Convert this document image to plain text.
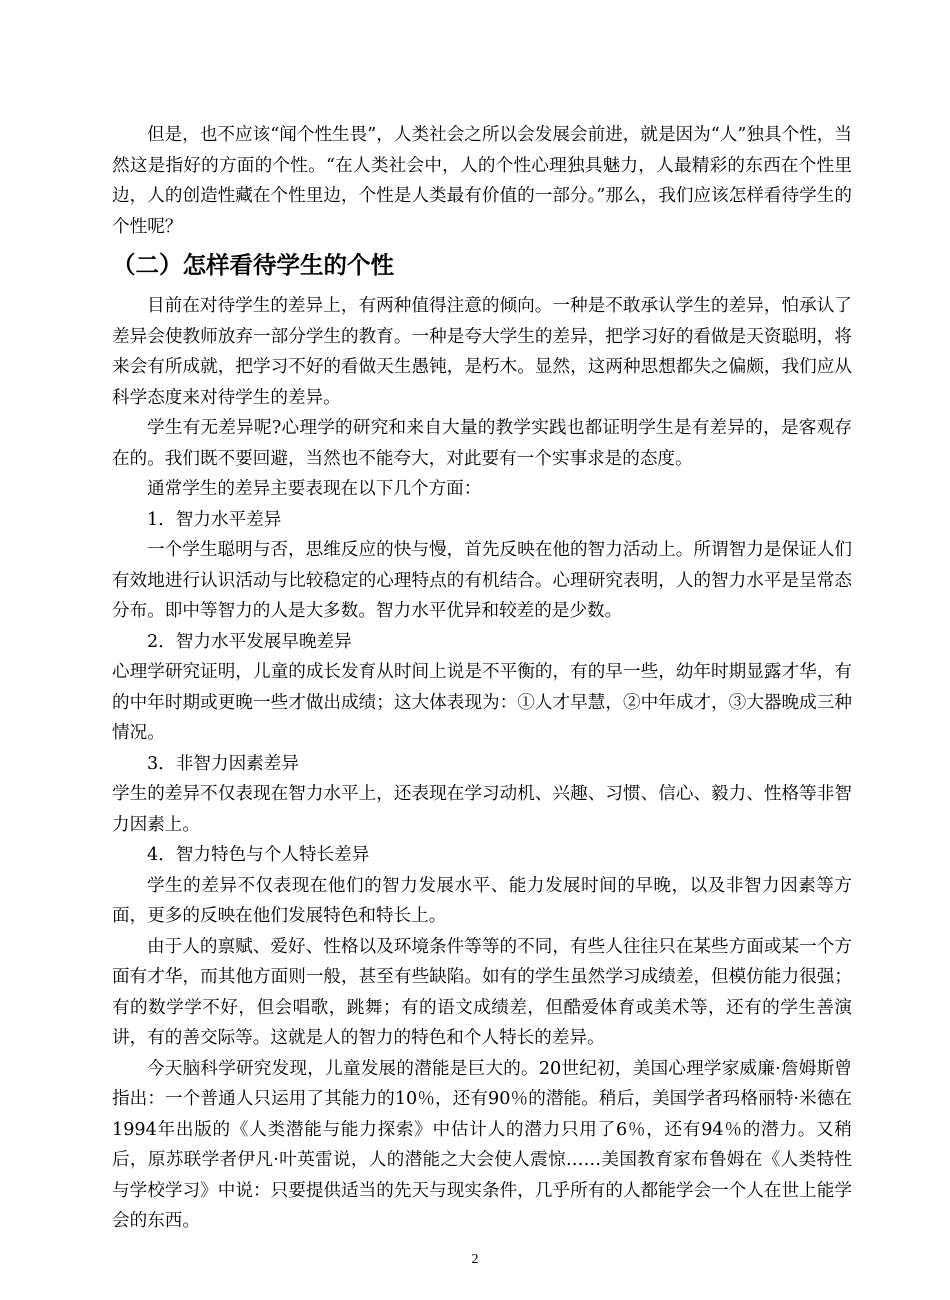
但是，也不应该“闻个性生畏”，人类社会之所以会发展会前进，就是因为“人”独具个性，当然这是指好的方面的个性。“在人类社会中，人的个性心理独具魅力，人最精彩的东西在个性里边，人的创造性藏在个性里边，个性是人类最有价值的一部分。”那么，我们应该怎样看待学生的个性呢？

（二）怎样看待学生的个性

目前在对待学生的差异上，有两种值得注意的倾向。一种是不敢承认学生的差异，怕承认了差异会使教师放弃一部分学生的教育。一种是夸大学生的差异，把学习好的看做是天资聪明，将来会有所成就，把学习不好的看做天生愚钝，是朽木。显然，这两种思想都失之偏颇，我们应从科学态度来对待学生的差异。

学生有无差异呢?心理学的研究和来自大量的教学实践也都证明学生是有差异的，是客观存在的。我们既不要回避，当然也不能夸大，对此要有一个实事求是的态度。

通常学生的差异主要表现在以下几个方面：

1．智力水平差异

一个学生聪明与否，思维反应的快与慢，首先反映在他的智力活动上。所谓智力是保证人们有效地进行认识活动与比较稳定的心理特点的有机结合。心理研究表明，人的智力水平是呈常态分布。即中等智力的人是大多数。智力水平优异和较差的是少数。

2．智力水平发展早晚差异

心理学研究证明，儿童的成长发育从时间上说是不平衡的，有的早一些，幼年时期显露才华，有的中年时期或更晚一些才做出成绩；这大体表现为：①人才早慧，②中年成才，③大器晚成三种情况。

3．非智力因素差异

学生的差异不仅表现在智力水平上，还表现在学习动机、兴趣、习惯、信心、毅力、性格等非智力因素上。

4．智力特色与个人特长差异

学生的差异不仅表现在他们的智力发展水平、能力发展时间的早晚，以及非智力因素等方面，更多的反映在他们发展特色和特长上。

由于人的禀赋、爱好、性格以及环境条件等等的不同，有些人往往只在某些方面或某一个方面有才华，而其他方面则一般，甚至有些缺陷。如有的学生虽然学习成绩差，但模仿能力很强；有的数学学不好，但会唱歌，跳舞；有的语文成绩差，但酷爱体育或美术等，还有的学生善演讲，有的善交际等。这就是人的智力的特色和个人特长的差异。

今天脑科学研究发现，儿童发展的潜能是巨大的。20世纪初，美国心理学家威廉·詹姆斯曾指出：一个普通人只运用了其能力的10％，还有90％的潜能。稍后，美国学者玛格丽特·米德在1994年出版的《人类潜能与能力探索》中估计人的潜力只用了6％，还有94％的潜力。又稍后，原苏联学者伊凡·叶英雷说，人的潜能之大会使人震惊……美国教育家布鲁姆在《人类特性与学校学习》中说：只要提供适当的先天与现实条件，几乎所有的人都能学会一个人在世上能学会的东西。

2
